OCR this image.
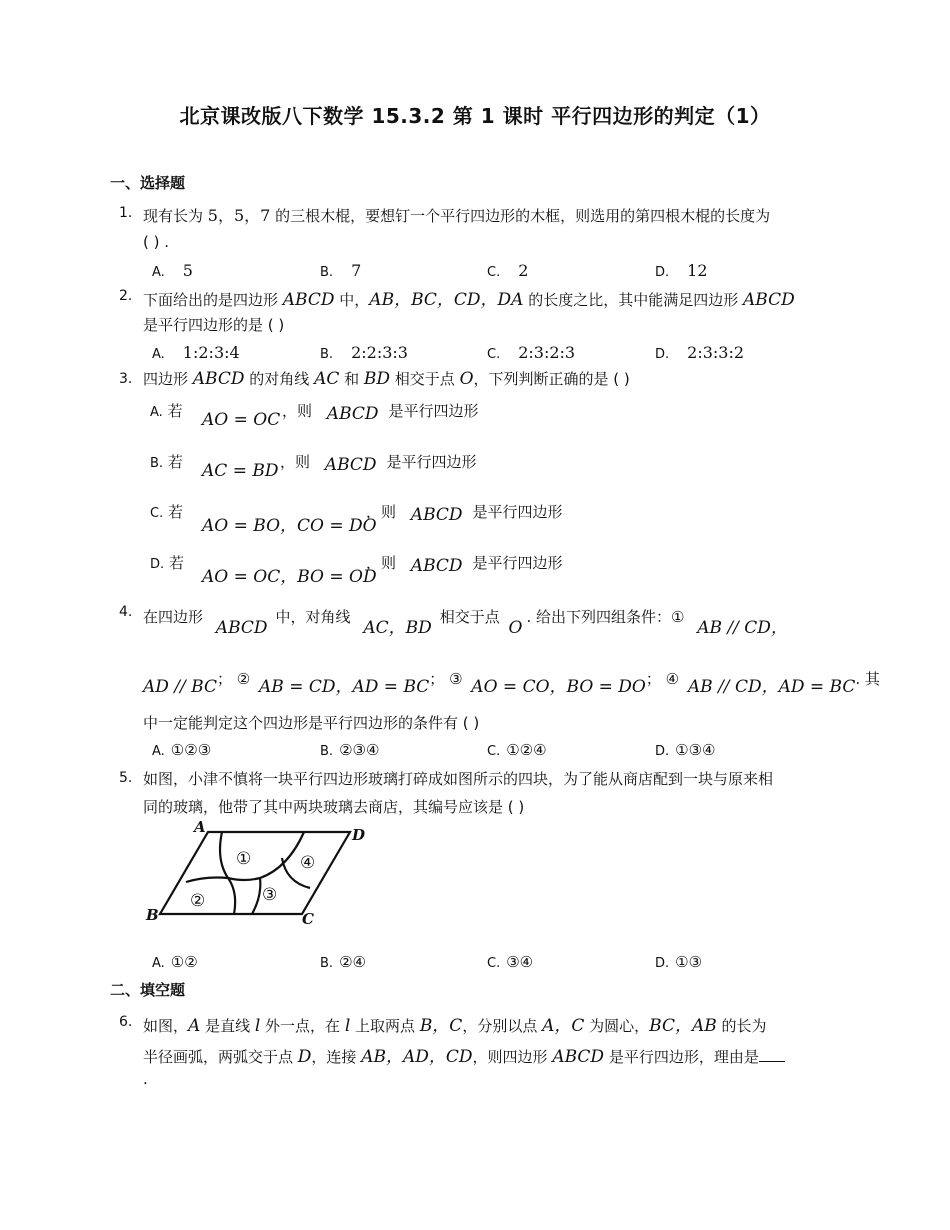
北京课改版八下数学 15.3.2 第 1 课时 平行四边形的判定（1）
一、选择题
1. 现有长为 5，5，7 的三根木棍，要想钉一个平行四边形的木框，则选用的第四根木棍的长度为
( ) .
A. 5	B. 7	C. 2	D. 12
2. 下面给出的是四边形 ABCD 中，AB，BC，CD，DA 的长度之比，其中能满足四边形 ABCD
是平行四边形的是 ( )
A. 1:2:3:4	B. 2:2:3:3	C. 2:3:2:3	D. 2:3:3:2
3. 四边形 ABCD 的对角线 AC 和 BD 相交于点 O，下列判断正确的是 ( )
A. 若 AO = OC ，则 ABCD 是平行四边形
B. 若 AC = BD ，则 ABCD 是平行四边形
C. 若
AO = BO，CO = DO
，则 ABCD 是平行四边形
D. 若
AO = OC，BO = OD
，则 ABCD 是平行四边形
4. 在四边形 ABCD中，对角线 AC，BD相交于点 O. 给出下列四组条件：① AB // CD，
AD // BC； ② AB = CD，AD = BC； ③ AO = CO，BO = DO； ④ AB // CD，AD = BC. 其
中一定能判定这个四边形是平行四边形的条件有 ( )
A. ①②③	B. ②③④	C. ①②④	D. ①③④
5. 如图，小津不慎将一块平行四边形玻璃打碎成如图所示的四块，为了能从商店配到一块与原来相
同的玻璃，他带了其中两块玻璃去商店，其编号应该是 ( )
A	D
B	C
①
②	③
④
A. ①②	B. ②④	C. ③④	D. ①③
二、填空题
6. 如图，A 是直线 l 外一点，在 l 上取两点 B，C，分别以点 A，C 为圆心，BC，AB 的长为
半径画弧，两弧交于点 D，连接 AB，AD，CD，则四边形 ABCD 是平行四边形，理由是
.
